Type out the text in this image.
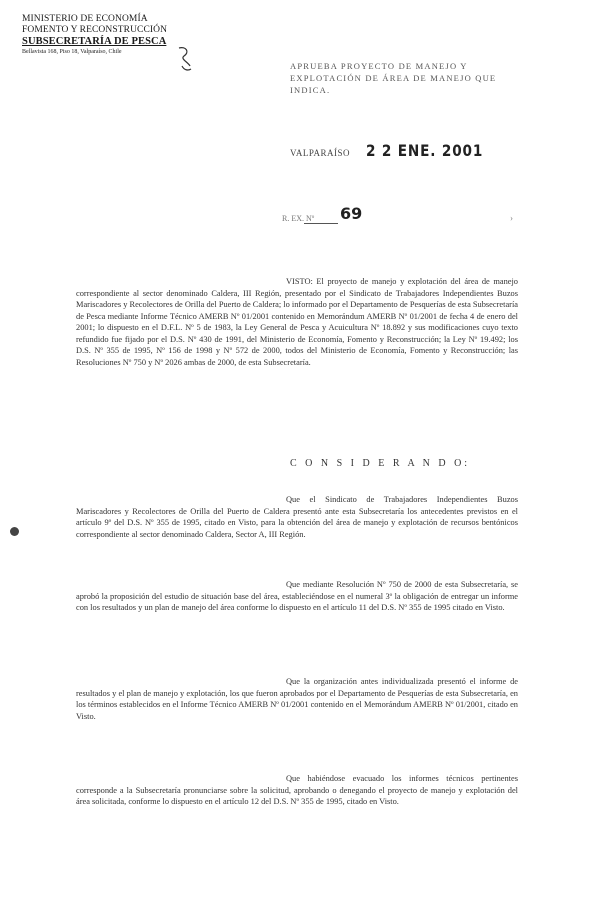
MINISTERIO DE ECONOMÍA
FOMENTO Y RECONSTRUCCIÓN
SUBSECRETARÍA DE PESCA
Bellavista 168, Piso 18, Valparaíso, Chile
APRUEBA PROYECTO DE MANEJO Y EXPLOTACIÓN DE ÁREA DE MANEJO QUE INDICA.
VALPARAÍSO 2 2 ENE. 2001
R. EX. Nº 69	›
VISTO: El proyecto de manejo y explotación del área de manejo correspondiente al sector denominado Caldera, III Región, presentado por el Sindicato de Trabajadores Independientes Buzos Mariscadores y Recolectores de Orilla del Puerto de Caldera; lo informado por el Departamento de Pesquerías de esta Subsecretaría de Pesca mediante Informe Técnico AMERB Nº 01/2001 contenido en Memorándum AMERB Nº 01/2001 de fecha 4 de enero del 2001; lo dispuesto en el D.F.L. Nº 5 de 1983, la Ley General de Pesca y Acuicultura Nº 18.892 y sus modificaciones cuyo texto refundido fue fijado por el D.S. Nº 430 de 1991, del Ministerio de Economía, Fomento y Reconstrucción; la Ley Nº 19.492; los D.S. Nº 355 de 1995, Nº 156 de 1998 y Nº 572 de 2000, todos del Ministerio de Economía, Fomento y Reconstrucción; las Resoluciones Nº 750 y Nº 2026 ambas de 2000, de esta Subsecretaría.
C O N S I D E R A N D O:
Que el Sindicato de Trabajadores Independientes Buzos Mariscadores y Recolectores de Orilla del Puerto de Caldera presentó ante esta Subsecretaría los antecedentes previstos en el artículo 9º del D.S. Nº 355 de 1995, citado en Visto, para la obtención del área de manejo y explotación de recursos bentónicos correspondiente al sector denominado Caldera, Sector A, III Región.
Que mediante Resolución Nº 750 de 2000 de esta Subsecretaría, se aprobó la proposición del estudio de situación base del área, estableciéndose en el numeral 3º la obligación de entregar un informe con los resultados y un plan de manejo del área conforme lo dispuesto en el artículo 11 del D.S. Nº 355 de 1995 citado en Visto.
Que la organización antes individualizada presentó el informe de resultados y el plan de manejo y explotación, los que fueron aprobados por el Departamento de Pesquerías de esta Subsecretaría, en los términos establecidos en el Informe Técnico AMERB Nº 01/2001 contenido en el Memorándum AMERB Nº 01/2001, citado en Visto.
Que habiéndose evacuado los informes técnicos pertinentes corresponde a la Subsecretaría pronunciarse sobre la solicitud, aprobando o denegando el proyecto de manejo y explotación del área solicitada, conforme lo dispuesto en el artículo 12 del D.S. Nº 355 de 1995, citado en Visto.
